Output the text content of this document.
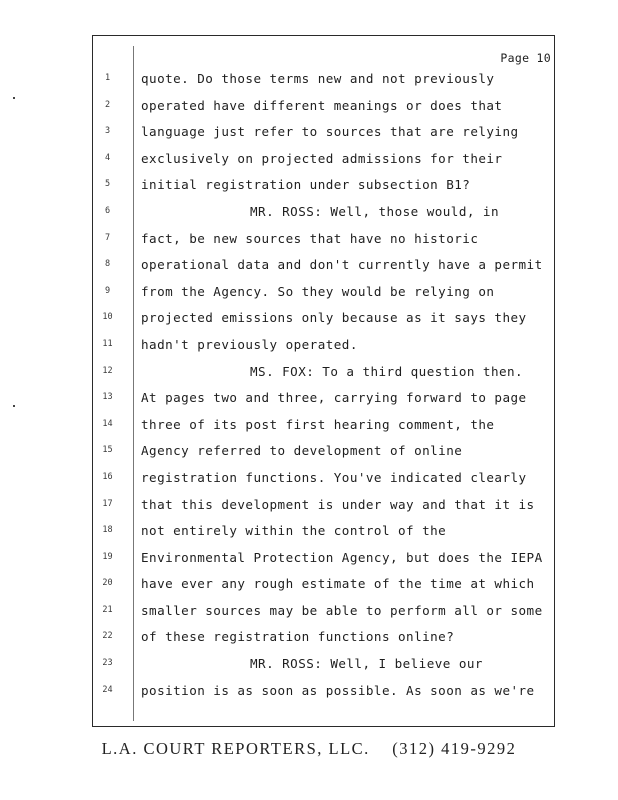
Page 10
1	quote. Do those terms new and not previously
2	operated have different meanings or does that
3	language just refer to sources that are relying
4	exclusively on projected admissions for their
5	initial registration under subsection B1?
6	MR. ROSS: Well, those would, in
7	fact, be new sources that have no historic
8	operational data and don't currently have a permit
9	from the Agency. So they would be relying on
10	projected emissions only because as it says they
11	hadn't previously operated.
12	MS. FOX: To a third question then.
13	At pages two and three, carrying forward to page
14	three of its post first hearing comment, the
15	Agency referred to development of online
16	registration functions. You've indicated clearly
17	that this development is under way and that it is
18	not entirely within the control of the
19	Environmental Protection Agency, but does the IEPA
20	have ever any rough estimate of the time at which
21	smaller sources may be able to perform all or some
22	of these registration functions online?
23	MR. ROSS: Well, I believe our
24	position is as soon as possible. As soon as we're
L.A. COURT REPORTERS, LLC. (312) 419-9292
